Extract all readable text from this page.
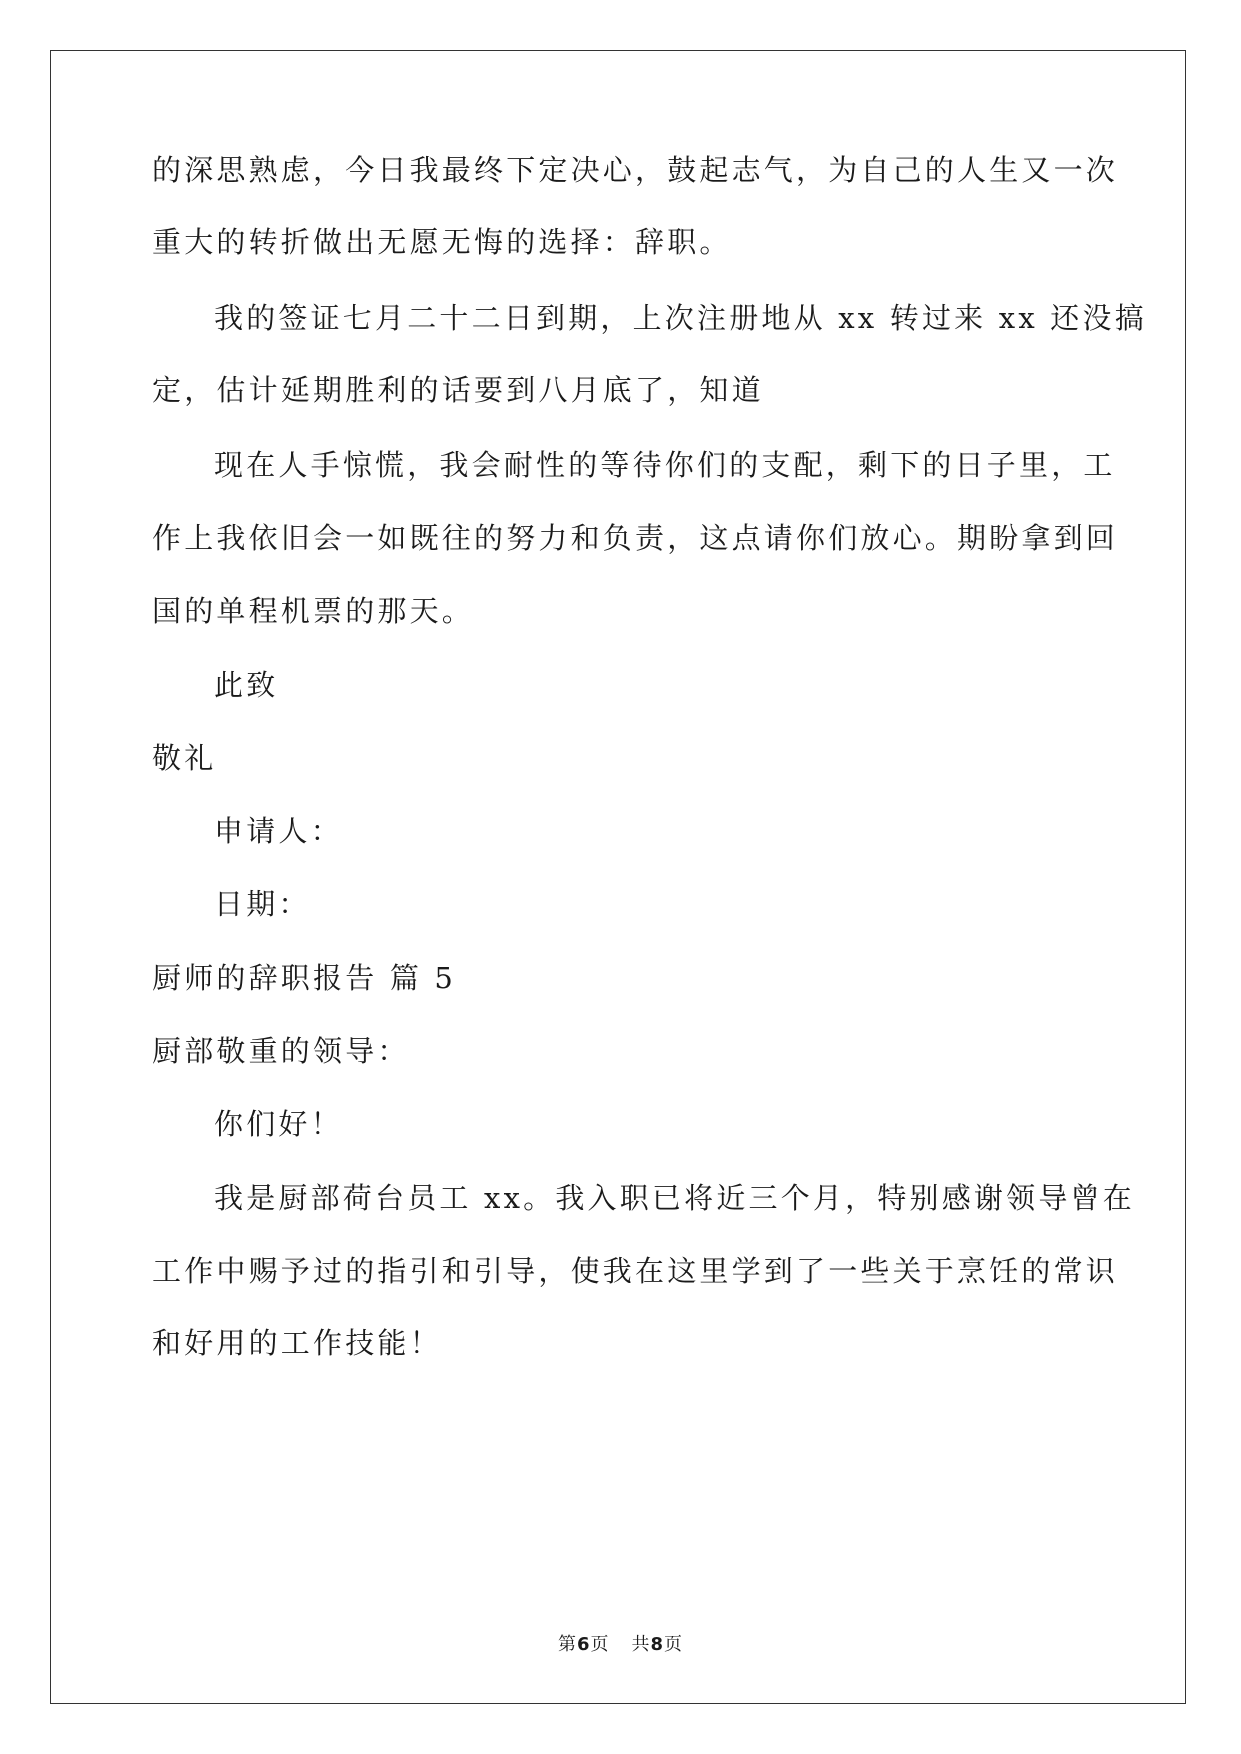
的深思熟虑，今日我最终下定决心，鼓起志气，为自己的人生又一次
重大的转折做出无愿无悔的选择：辞职。
我的签证七月二十二日到期，上次注册地从 xx 转过来 xx 还没搞
定，估计延期胜利的话要到八月底了，知道
现在人手惊慌，我会耐性的等待你们的支配，剩下的日子里，工
作上我依旧会一如既往的努力和负责，这点请你们放心。期盼拿到回
国的单程机票的那天。
此致
敬礼
申请人：
日期：
厨师的辞职报告 篇 5
厨部敬重的领导：
你们好！
我是厨部荷台员工 xx。我入职已将近三个月，特别感谢领导曾在
工作中赐予过的指引和引导，使我在这里学到了一些关于烹饪的常识
和好用的工作技能！
第6页 共8页
